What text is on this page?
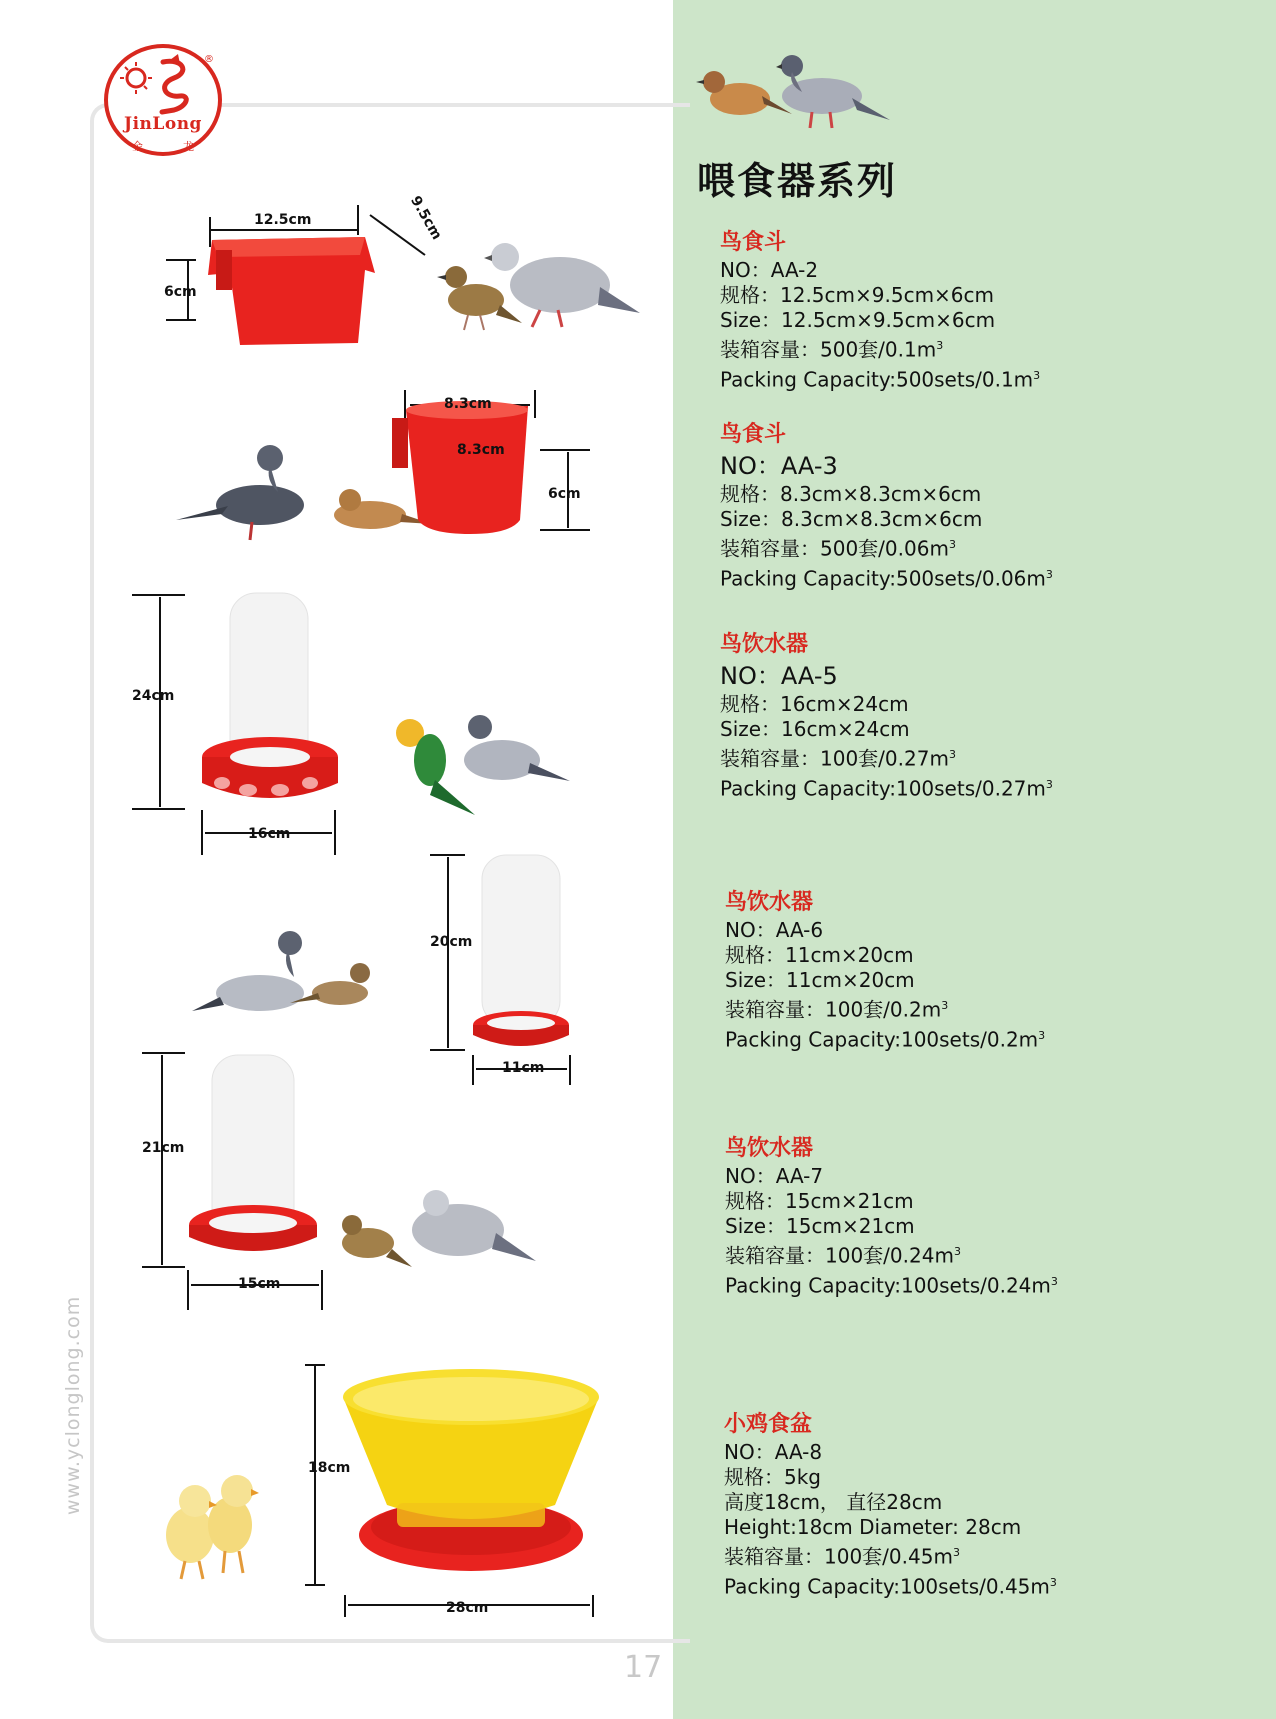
®
JinLong
金	龙
喂食器系列
鸟食斗
NO：AA-2
规格：12.5cm×9.5cm×6cm
Size：12.5cm×9.5cm×6cm
装箱容量：500套$/0.1m^3$
Packing $Capacity:500sets/0.1m^3$
鸟食斗
NO：AA-3
规格：8.3cm×8.3cm×6cm
Size：8.3cm×8.3cm×6cm
装箱容量：500套$/0.06m^3$
Packing $Capacity:500sets/0.06m^3$
鸟饮水器
NO：AA-5
规格：16cm×24cm
Size：16cm×24cm
装箱容量：100套$/0.27m^3$
Packing $Capacity:100sets/0.27m^3$
鸟饮水器
NO：AA-6
规格：11cm×20cm
Size：11cm×20cm
装箱容量：100套$/0.2m^3$
Packing $Capacity:100sets/0.2m^3$
鸟饮水器
NO：AA-7
规格：15cm×21cm
Size：15cm×21cm
装箱容量：100套$/0.24m^3$
Packing $Capacity:100sets/0.24m^3$
小鸡食盆
NO：AA-8
规格：5kg
高度18cm， 直径28cm
Height:18cm Diameter: 28cm
装箱容量：100套$/0.45m^3$
Packing $Capacity:100sets/0.45m^3$
12.5cm	9.5cm
6cm
8.3cm
8.3cm
6cm
24cm
16cm
20cm
11cm
21cm
15cm
18cm
28cm
www.yclonglong.com
17
